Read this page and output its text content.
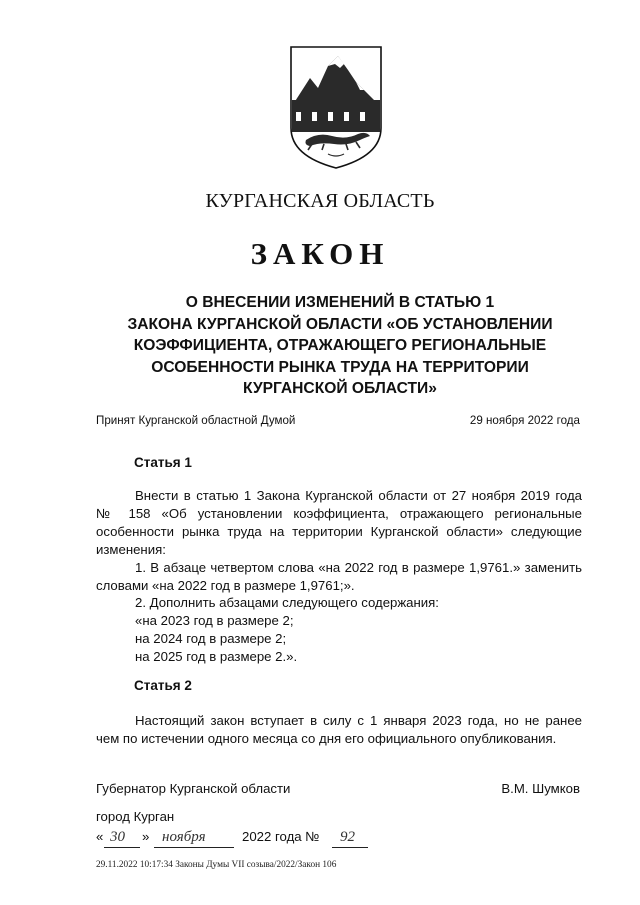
КУРГАНСКАЯ ОБЛАСТЬ
ЗАКОН
О ВНЕСЕНИИ ИЗМЕНЕНИЙ В СТАТЬЮ 1
ЗАКОНА КУРГАНСКОЙ ОБЛАСТИ «ОБ УСТАНОВЛЕНИИ
КОЭФФИЦИЕНТА, ОТРАЖАЮЩЕГО РЕГИОНАЛЬНЫЕ
ОСОБЕННОСТИ РЫНКА ТРУДА НА ТЕРРИТОРИИ
КУРГАНСКОЙ ОБЛАСТИ»
Принят Курганской областной Думой	29 ноября 2022 года
Статья 1
Внести в статью 1 Закона Курганской области от 27 ноября 2019 года
№ 158 «Об установлении коэффициента, отражающего региональные
особенности рынка труда на территории Курганской области» следующие
изменения:
1. В абзаце четвертом слова «на 2022 год в размере 1,9761.» заменить
словами «на 2022 год в размере 1,9761;».
2. Дополнить абзацами следующего содержания:
«на 2023 год в размере 2;
на 2024 год в размере 2;
на 2025 год в размере 2.».
Статья 2
Настоящий закон вступает в силу с 1 января 2023 года, но не ранее
чем по истечении одного месяца со дня его официального опубликования.
Губернатор Курганской области	В.М. Шумков
город Курган
« 30 » ноября	2022 года № 92
29.11.2022 10:17:34 Законы Думы VII созыва/2022/Закон 106
